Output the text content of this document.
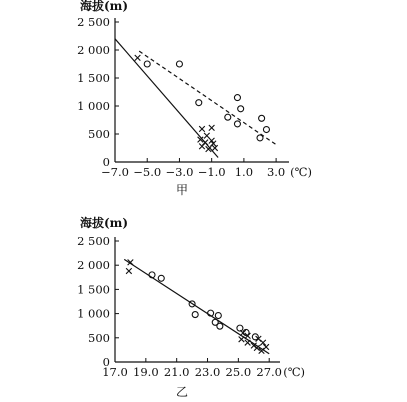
海拔(m)
0
500
1 000
1 500
2 000
2 500
−7.0 −5.0 −3.0 −1.0 1.0 3.0 (℃)
甲
海拔(m)
0
500
1 000
1 500
2 000
2 500
17.0 19.0 21.0 23.0 25.0 27.0 (℃)
乙
